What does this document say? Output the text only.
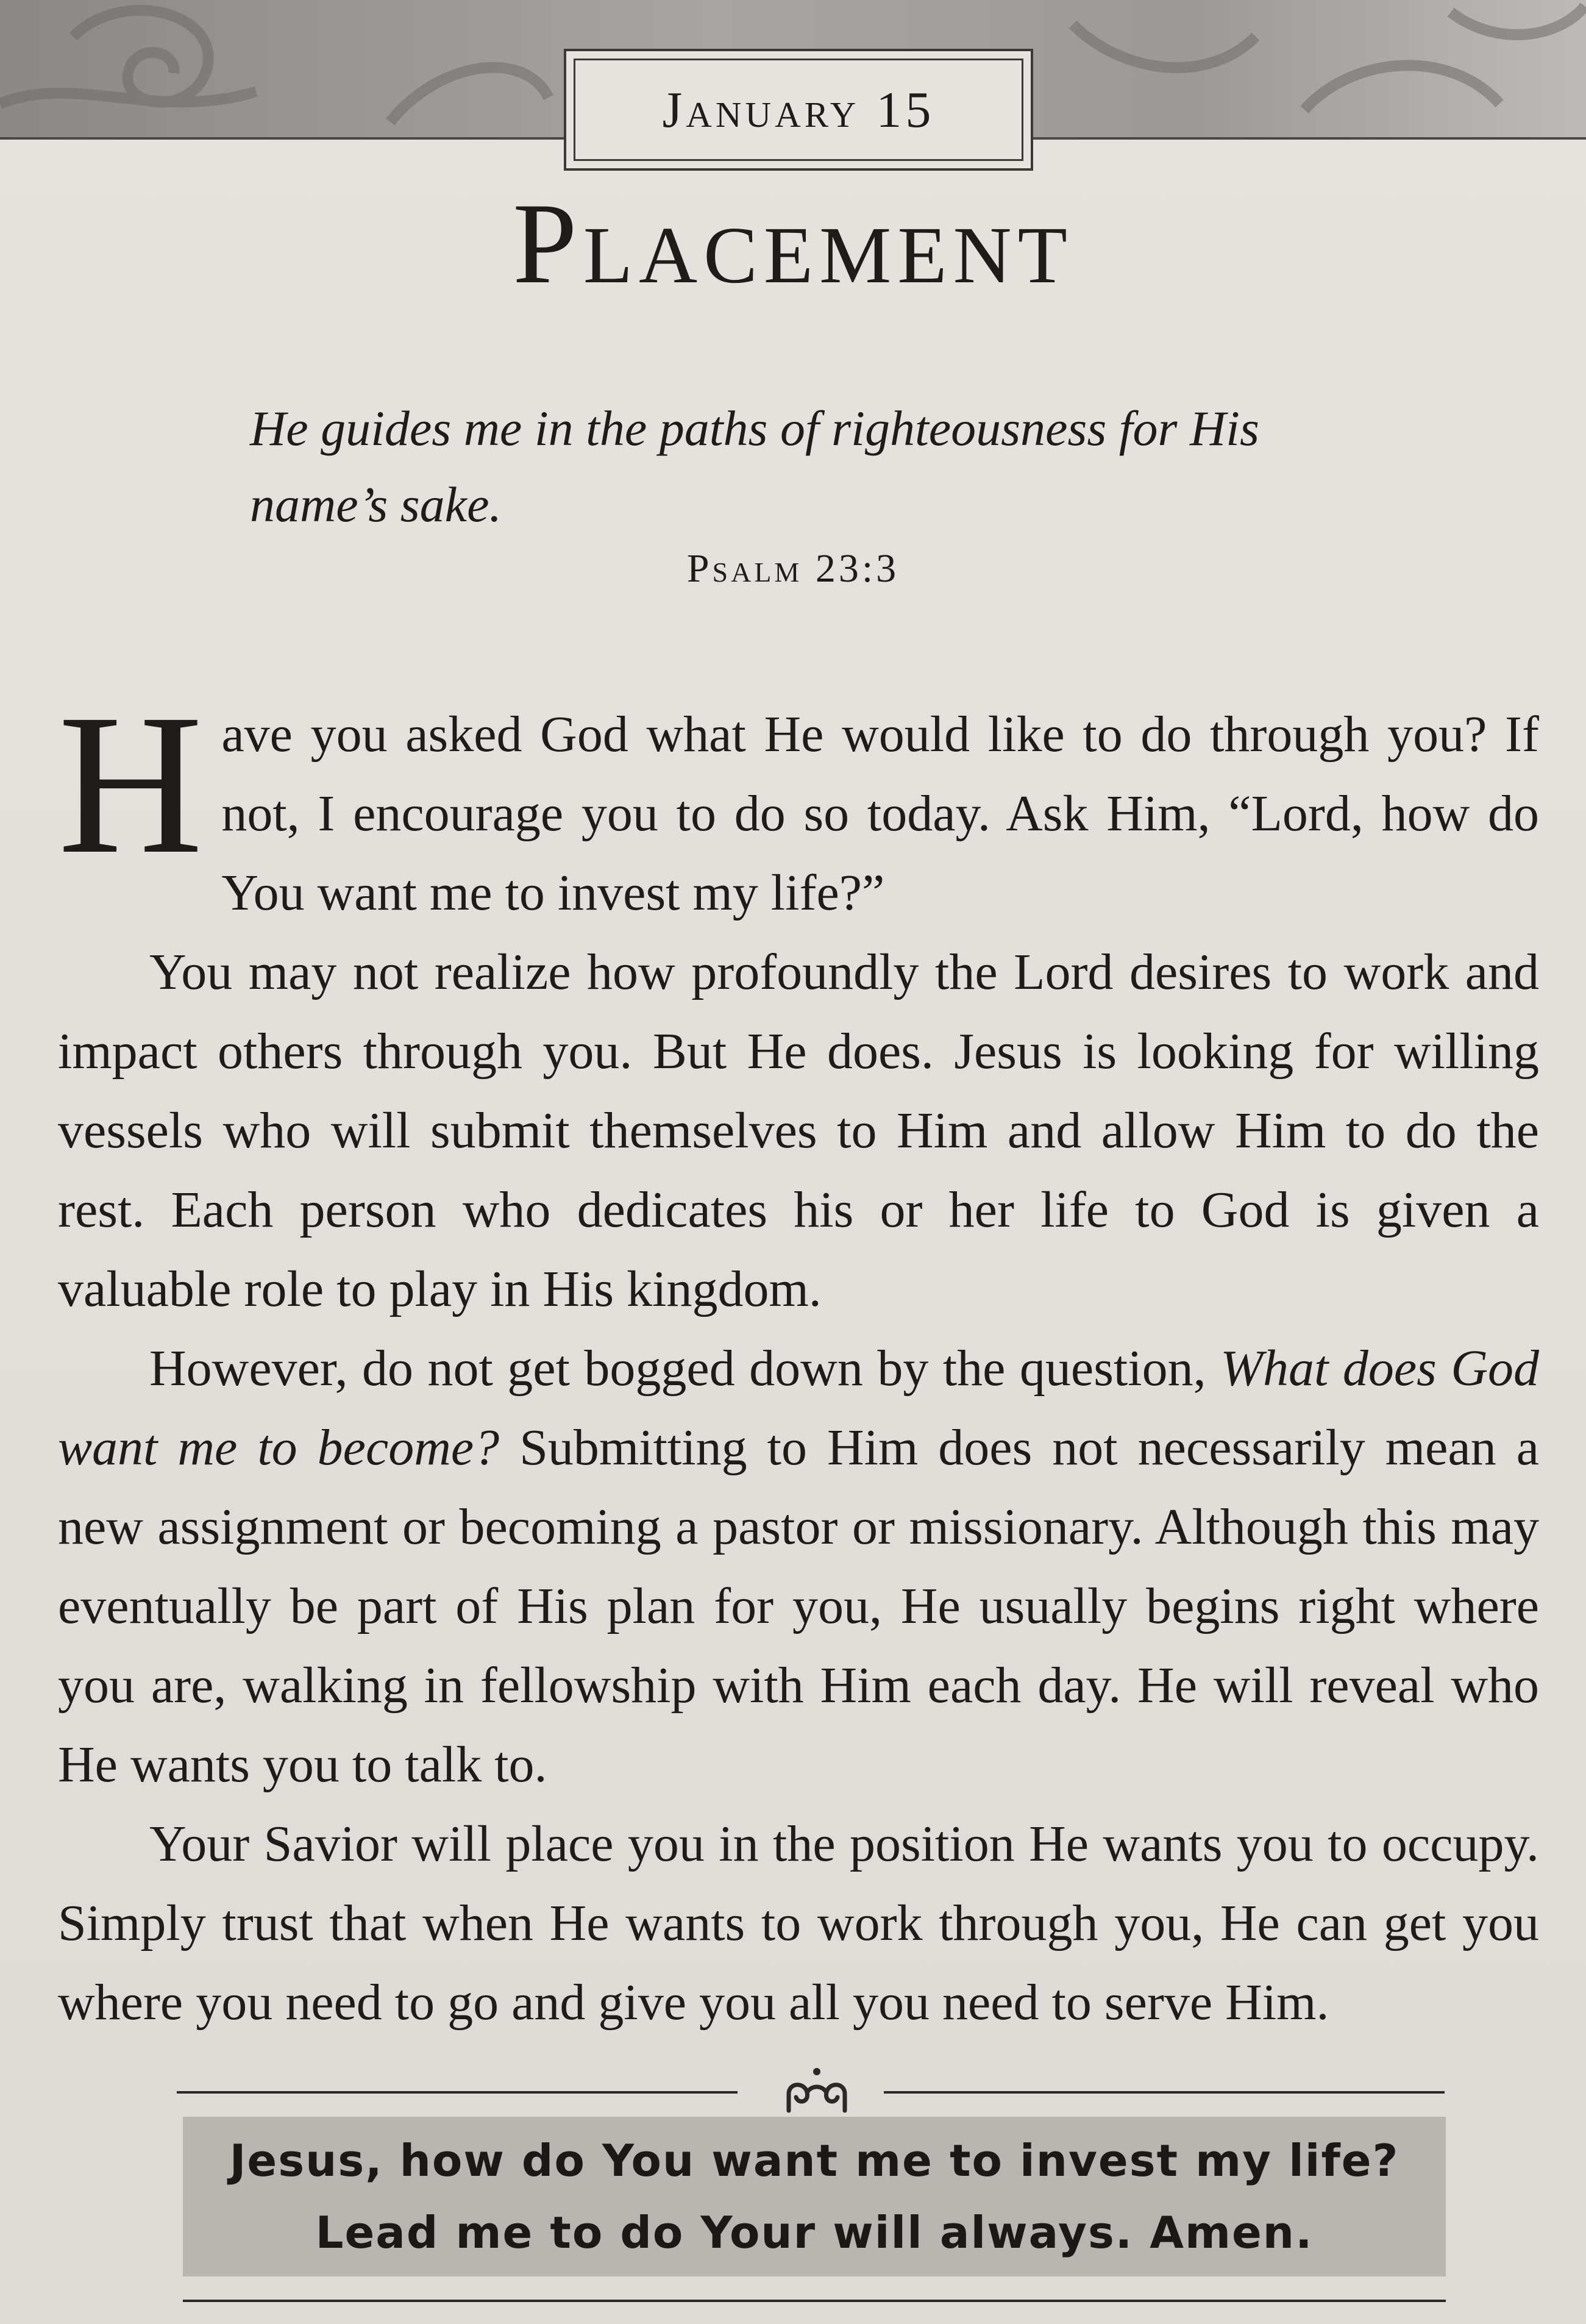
January 15
Placement
He guides me in the paths of righteousness for His name’s sake.
Psalm 23:3

Have you asked God what He would like to do through you? If not, I encourage you to do so today. Ask Him, “Lord, how do You want me to invest my life?”

You may not realize how profoundly the Lord desires to work and impact others through you. But He does. Jesus is looking for willing vessels who will submit themselves to Him and allow Him to do the rest. Each person who dedicates his or her life to God is given a valuable role to play in His kingdom.

However, do not get bogged down by the question, What does God want me to become? Submitting to Him does not necessarily mean a new assignment or becoming a pastor or missionary. Although this may eventually be part of His plan for you, He usually begins right where you are, walking in fellowship with Him each day. He will reveal who He wants you to talk to.

Your Savior will place you in the position He wants you to occupy. Simply trust that when He wants to work through you, He can get you where you need to go and give you all you need to serve Him.

Jesus, how do You want me to invest my life?
Lead me to do Your will always. Amen.
